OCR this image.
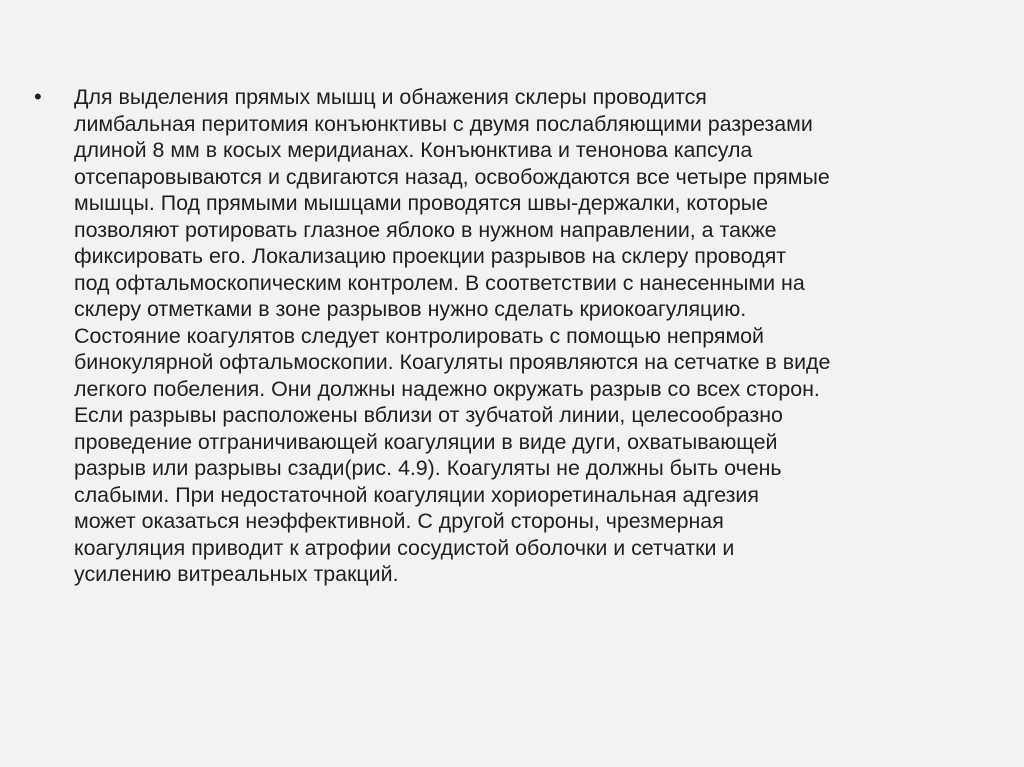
•	Для выделения прямых мышц и обнажения склеры проводится
лимбальная перитомия конъюнктивы с двумя послабляющими разрезами
длиной 8 мм в косых меридианах. Конъюнктива и тенонова капсула
отсепаровываются и сдвигаются назад, освобождаются все четыре прямые
мышцы. Под прямыми мышцами проводятся швы-держалки, которые
позволяют ротировать глазное яблоко в нужном направлении, а также
фиксировать его. Локализацию проекции разрывов на склеру проводят
под офтальмоскопическим контролем. В соответствии с нанесенными на
склеру отметками в зоне разрывов нужно сделать криокоагуляцию.
Состояние коагулятов следует контролировать с помощью непрямой
бинокулярной офтальмоскопии. Коагуляты проявляются на сетчатке в виде
легкого побеления. Они должны надежно окружать разрыв со всех сторон.
Если разрывы расположены вблизи от зубчатой линии, целесообразно
проведение отграничивающей коагуляции в виде дуги, охватывающей
разрыв или разрывы сзади(рис. 4.9). Коагуляты не должны быть очень
слабыми. При недостаточной коагуляции хориоретинальная адгезия
может оказаться неэффективной. С другой стороны, чрезмерная
коагуляция приводит к атрофии сосудистой оболочки и сетчатки и
усилению витреальных тракций.
